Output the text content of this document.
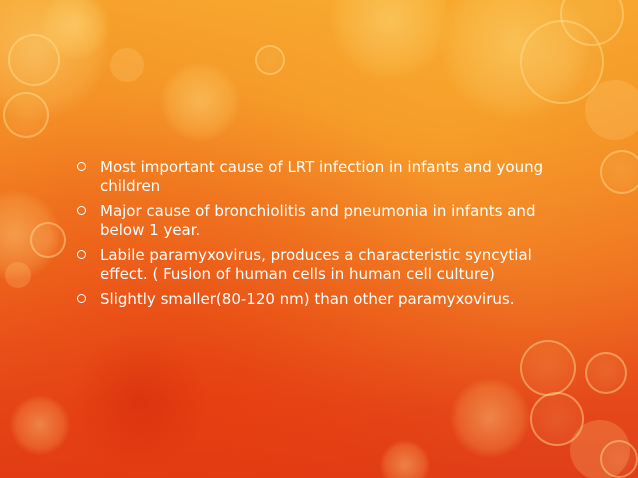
Most important cause of LRT infection in infants and young children
Major cause of bronchiolitis and pneumonia in infants and below 1 year.
Labile paramyxovirus, produces a characteristic syncytial effect. ( Fusion of human cells in human cell culture)
Slightly smaller(80-120 nm) than other paramyxovirus.
